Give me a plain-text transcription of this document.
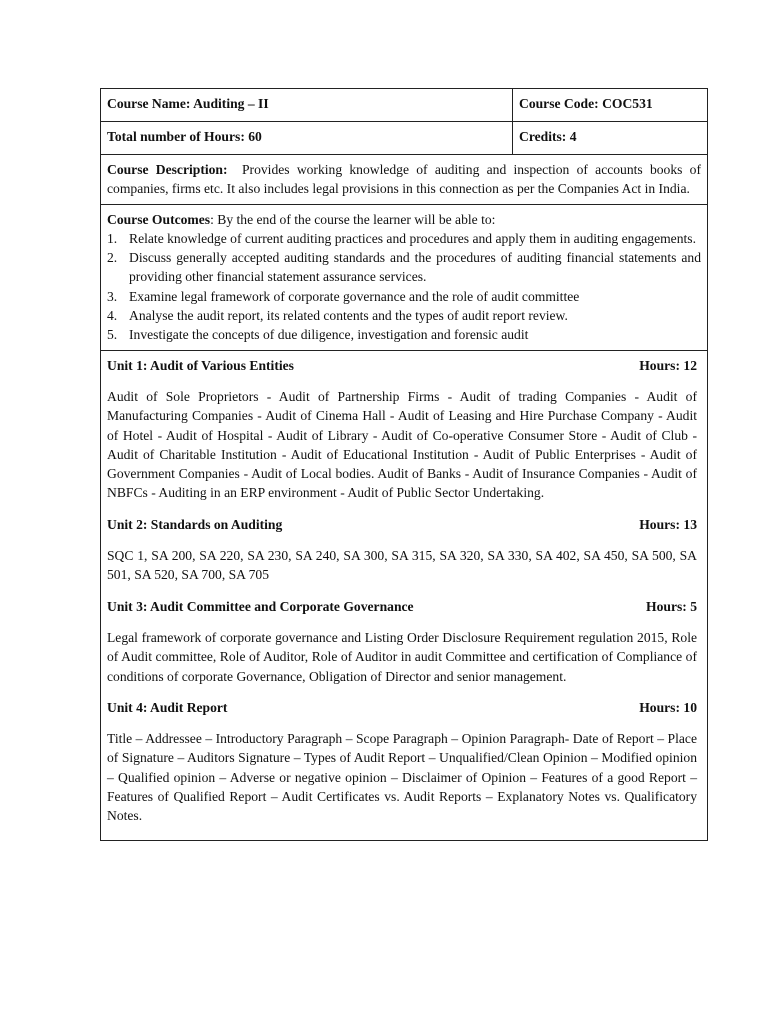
Course Name: Auditing – II	Course Code: COC531
Total number of Hours: 60	Credits: 4
Course Description: Provides working knowledge of auditing and inspection of accounts books of companies, firms etc. It also includes legal provisions in this connection as per the Companies Act in India.
Course Outcomes: By the end of the course the learner will be able to:
1. Relate knowledge of current auditing practices and procedures and apply them in auditing engagements.
2. Discuss generally accepted auditing standards and the procedures of auditing financial statements and providing other financial statement assurance services.
3. Examine legal framework of corporate governance and the role of audit committee
4. Analyse the audit report, its related contents and the types of audit report review.
5. Investigate the concepts of due diligence, investigation and forensic audit
Unit 1: Audit of Various Entities	Hours: 12
Audit of Sole Proprietors - Audit of Partnership Firms - Audit of trading Companies - Audit of Manufacturing Companies - Audit of Cinema Hall - Audit of Leasing and Hire Purchase Company - Audit of Hotel - Audit of Hospital - Audit of Library - Audit of Co-operative Consumer Store - Audit of Club - Audit of Charitable Institution - Audit of Educational Institution - Audit of Public Enterprises - Audit of Government Companies - Audit of Local bodies. Audit of Banks - Audit of Insurance Companies - Audit of NBFCs - Auditing in an ERP environment - Audit of Public Sector Undertaking.
Unit 2: Standards on Auditing	Hours: 13
SQC 1, SA 200, SA 220, SA 230, SA 240, SA 300, SA 315, SA 320, SA 330, SA 402, SA 450, SA 500, SA 501, SA 520, SA 700, SA 705
Unit 3: Audit Committee and Corporate Governance	Hours: 5
Legal framework of corporate governance and Listing Order Disclosure Requirement regulation 2015, Role of Audit committee, Role of Auditor, Role of Auditor in audit Committee and certification of Compliance of conditions of corporate Governance, Obligation of Director and senior management.
Unit 4: Audit Report	Hours: 10
Title – Addressee – Introductory Paragraph – Scope Paragraph – Opinion Paragraph- Date of Report – Place of Signature – Auditors Signature – Types of Audit Report – Unqualified/Clean Opinion – Modified opinion – Qualified opinion – Adverse or negative opinion – Disclaimer of Opinion – Features of a good Report – Features of Qualified Report – Audit Certificates vs. Audit Reports – Explanatory Notes vs. Qualificatory Notes.
